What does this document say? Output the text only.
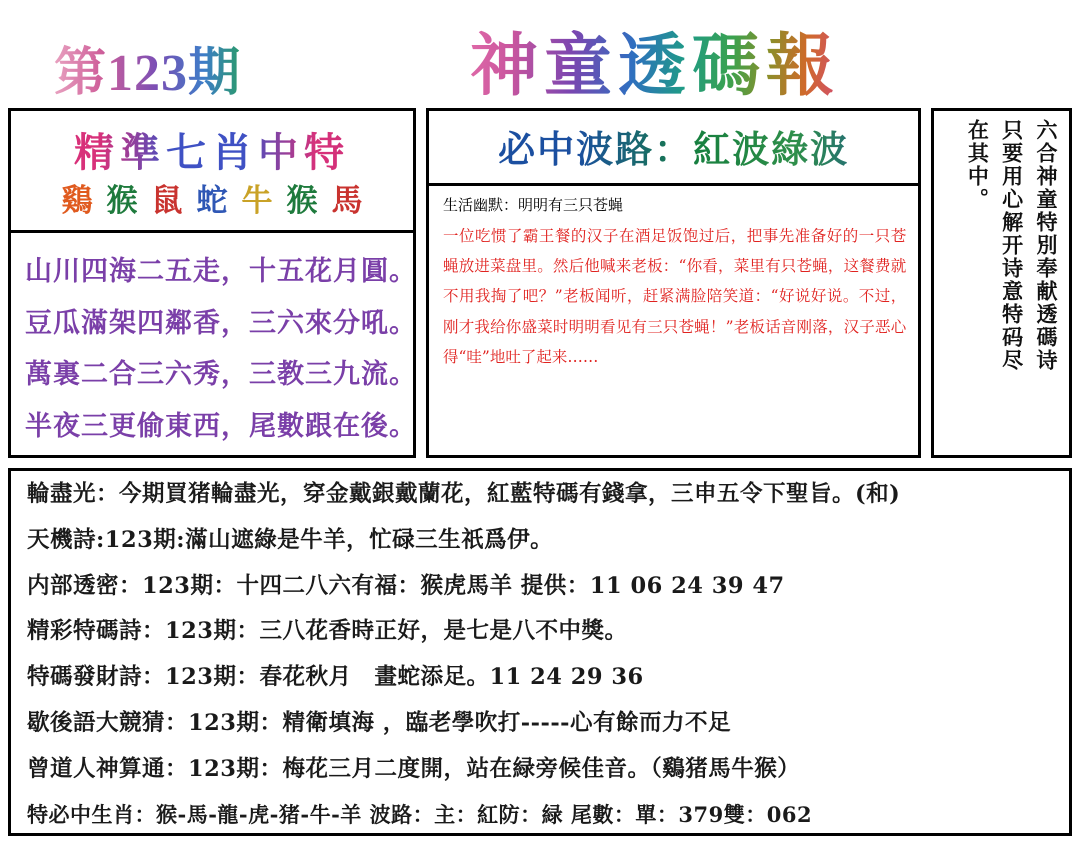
第123期	神童透碼報
精準七肖中特
鷄 猴 鼠 蛇 牛 猴 馬
山川四海二五走，十五花月圓。
豆瓜滿架四鄰香，三六來分吼。
萬裏二合三六秀，三教三九流。
半夜三更偷東西，尾數跟在後。
必中波路：紅波綠波
生活幽默：明明有三只苍蝇
一位吃惯了霸王餐的汉子在酒足饭饱过后，把事先准备好的一只苍蝇放进菜盘里。然后他喊来老板：“你看，菜里有只苍蝇，这餐费就不用我掏了吧？”老板闻听，赶紧满脸陪笑道：“好说好说。不过，刚才我给你盛菜时明明看见有三只苍蝇！”老板话音刚落，汉子恶心得“哇”地吐了起来……	六合神童特別奉献透碼诗
只要用心解开诗意特码尽
在其中。
輪盡光：今期買猪輪盡光，穿金戴銀戴蘭花，紅藍特碼有錢拿，三申五令下聖旨。(和)
天機詩:123期:滿山遮綠是牛羊，忙碌三生祇爲伊。
内部透密：123期：十四二八六有福：猴虎馬羊 提供：11 06 24 39 47
精彩特碼詩：123期：三八花香時正好，是七是八不中獎。
特碼發財詩：123期：春花秋月　畫蛇添足。11 24 29 36
歇後語大競猜：123期：精衛填海 ，臨老學吹打-----心有餘而力不足
曾道人神算通：123期：梅花三月二度開，站在緑旁候佳音。（鷄猪馬牛猴）
特必中生肖：猴-馬-龍-虎-猪-牛-羊 波路：主：紅防：緑 尾數：單：379雙：062
